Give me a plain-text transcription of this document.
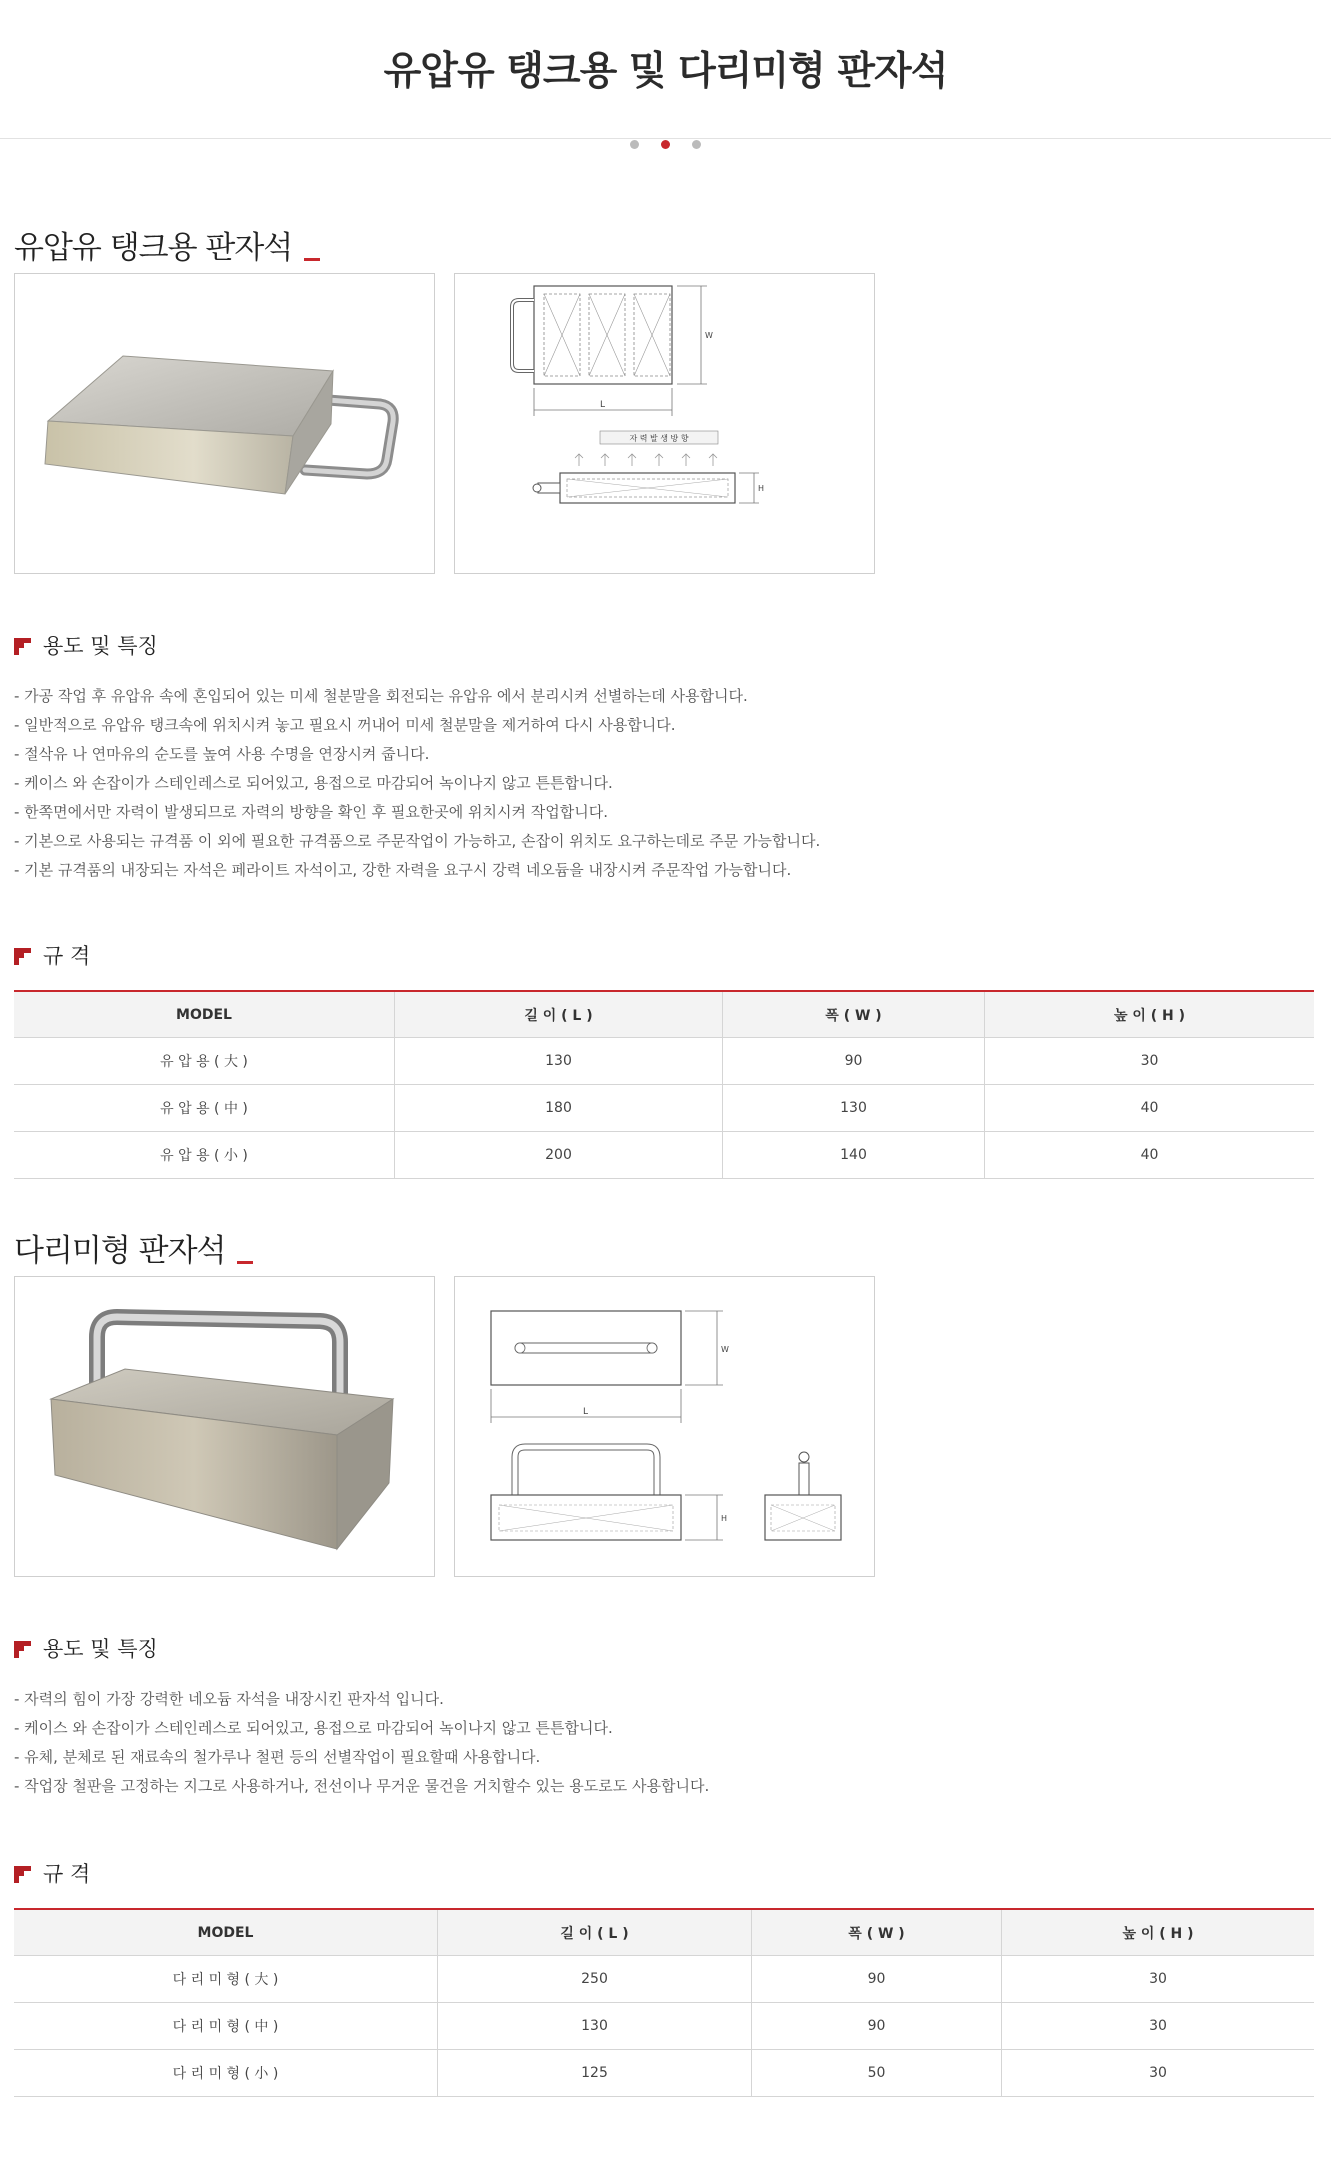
유압유 탱크용 및 다리미형 판자석
유압유 탱크용 판자석
W
L
자 력 발 생 방 향
H
용도 및 특징
- 가공 작업 후 유압유 속에 혼입되어 있는 미세 철분말을 회전되는 유압유 에서 분리시켜 선별하는데 사용합니다.
- 일반적으로 유압유 탱크속에 위치시켜 놓고 필요시 꺼내어 미세 철분말을 제거하여 다시 사용합니다.
- 절삭유 나 연마유의 순도를 높여 사용 수명을 연장시켜 줍니다.
- 케이스 와 손잡이가 스테인레스로 되어있고, 용접으로 마감되어 녹이나지 않고 튼튼합니다.
- 한쪽면에서만 자력이 발생되므로 자력의 방향을 확인 후 필요한곳에 위치시켜 작업합니다.
- 기본으로 사용되는 규격품 이 외에 필요한 규격품으로 주문작업이 가능하고, 손잡이 위치도 요구하는데로 주문 가능합니다.
- 기본 규격품의 내장되는 자석은 페라이트 자석이고, 강한 자력을 요구시 강력 네오듐을 내장시켜 주문작업 가능합니다.
규 격
MODEL	길 이 ( L )	폭 ( W )	높 이 ( H )
유 압 용 ( 大 )	130	90	30
유 압 용 ( 中 )	180	130	40
유 압 용 ( 小 )	200	140	40
다리미형 판자석
W
L
H
용도 및 특징
- 자력의 힘이 가장 강력한 네오듐 자석을 내장시킨 판자석 입니다.
- 케이스 와 손잡이가 스테인레스로 되어있고, 용접으로 마감되어 녹이나지 않고 튼튼합니다.
- 유체, 분체로 된 재료속의 철가루나 철편 등의 선별작업이 필요할때 사용합니다.
- 작업장 철판을 고정하는 지그로 사용하거나, 전선이나 무거운 물건을 거치할수 있는 용도로도 사용합니다.
규 격
MODEL	길 이 ( L )	폭 ( W )	높 이 ( H )
다 리 미 형 ( 大 )	250	90	30
다 리 미 형 ( 中 )	130	90	30
다 리 미 형 ( 小 )	125	50	30
